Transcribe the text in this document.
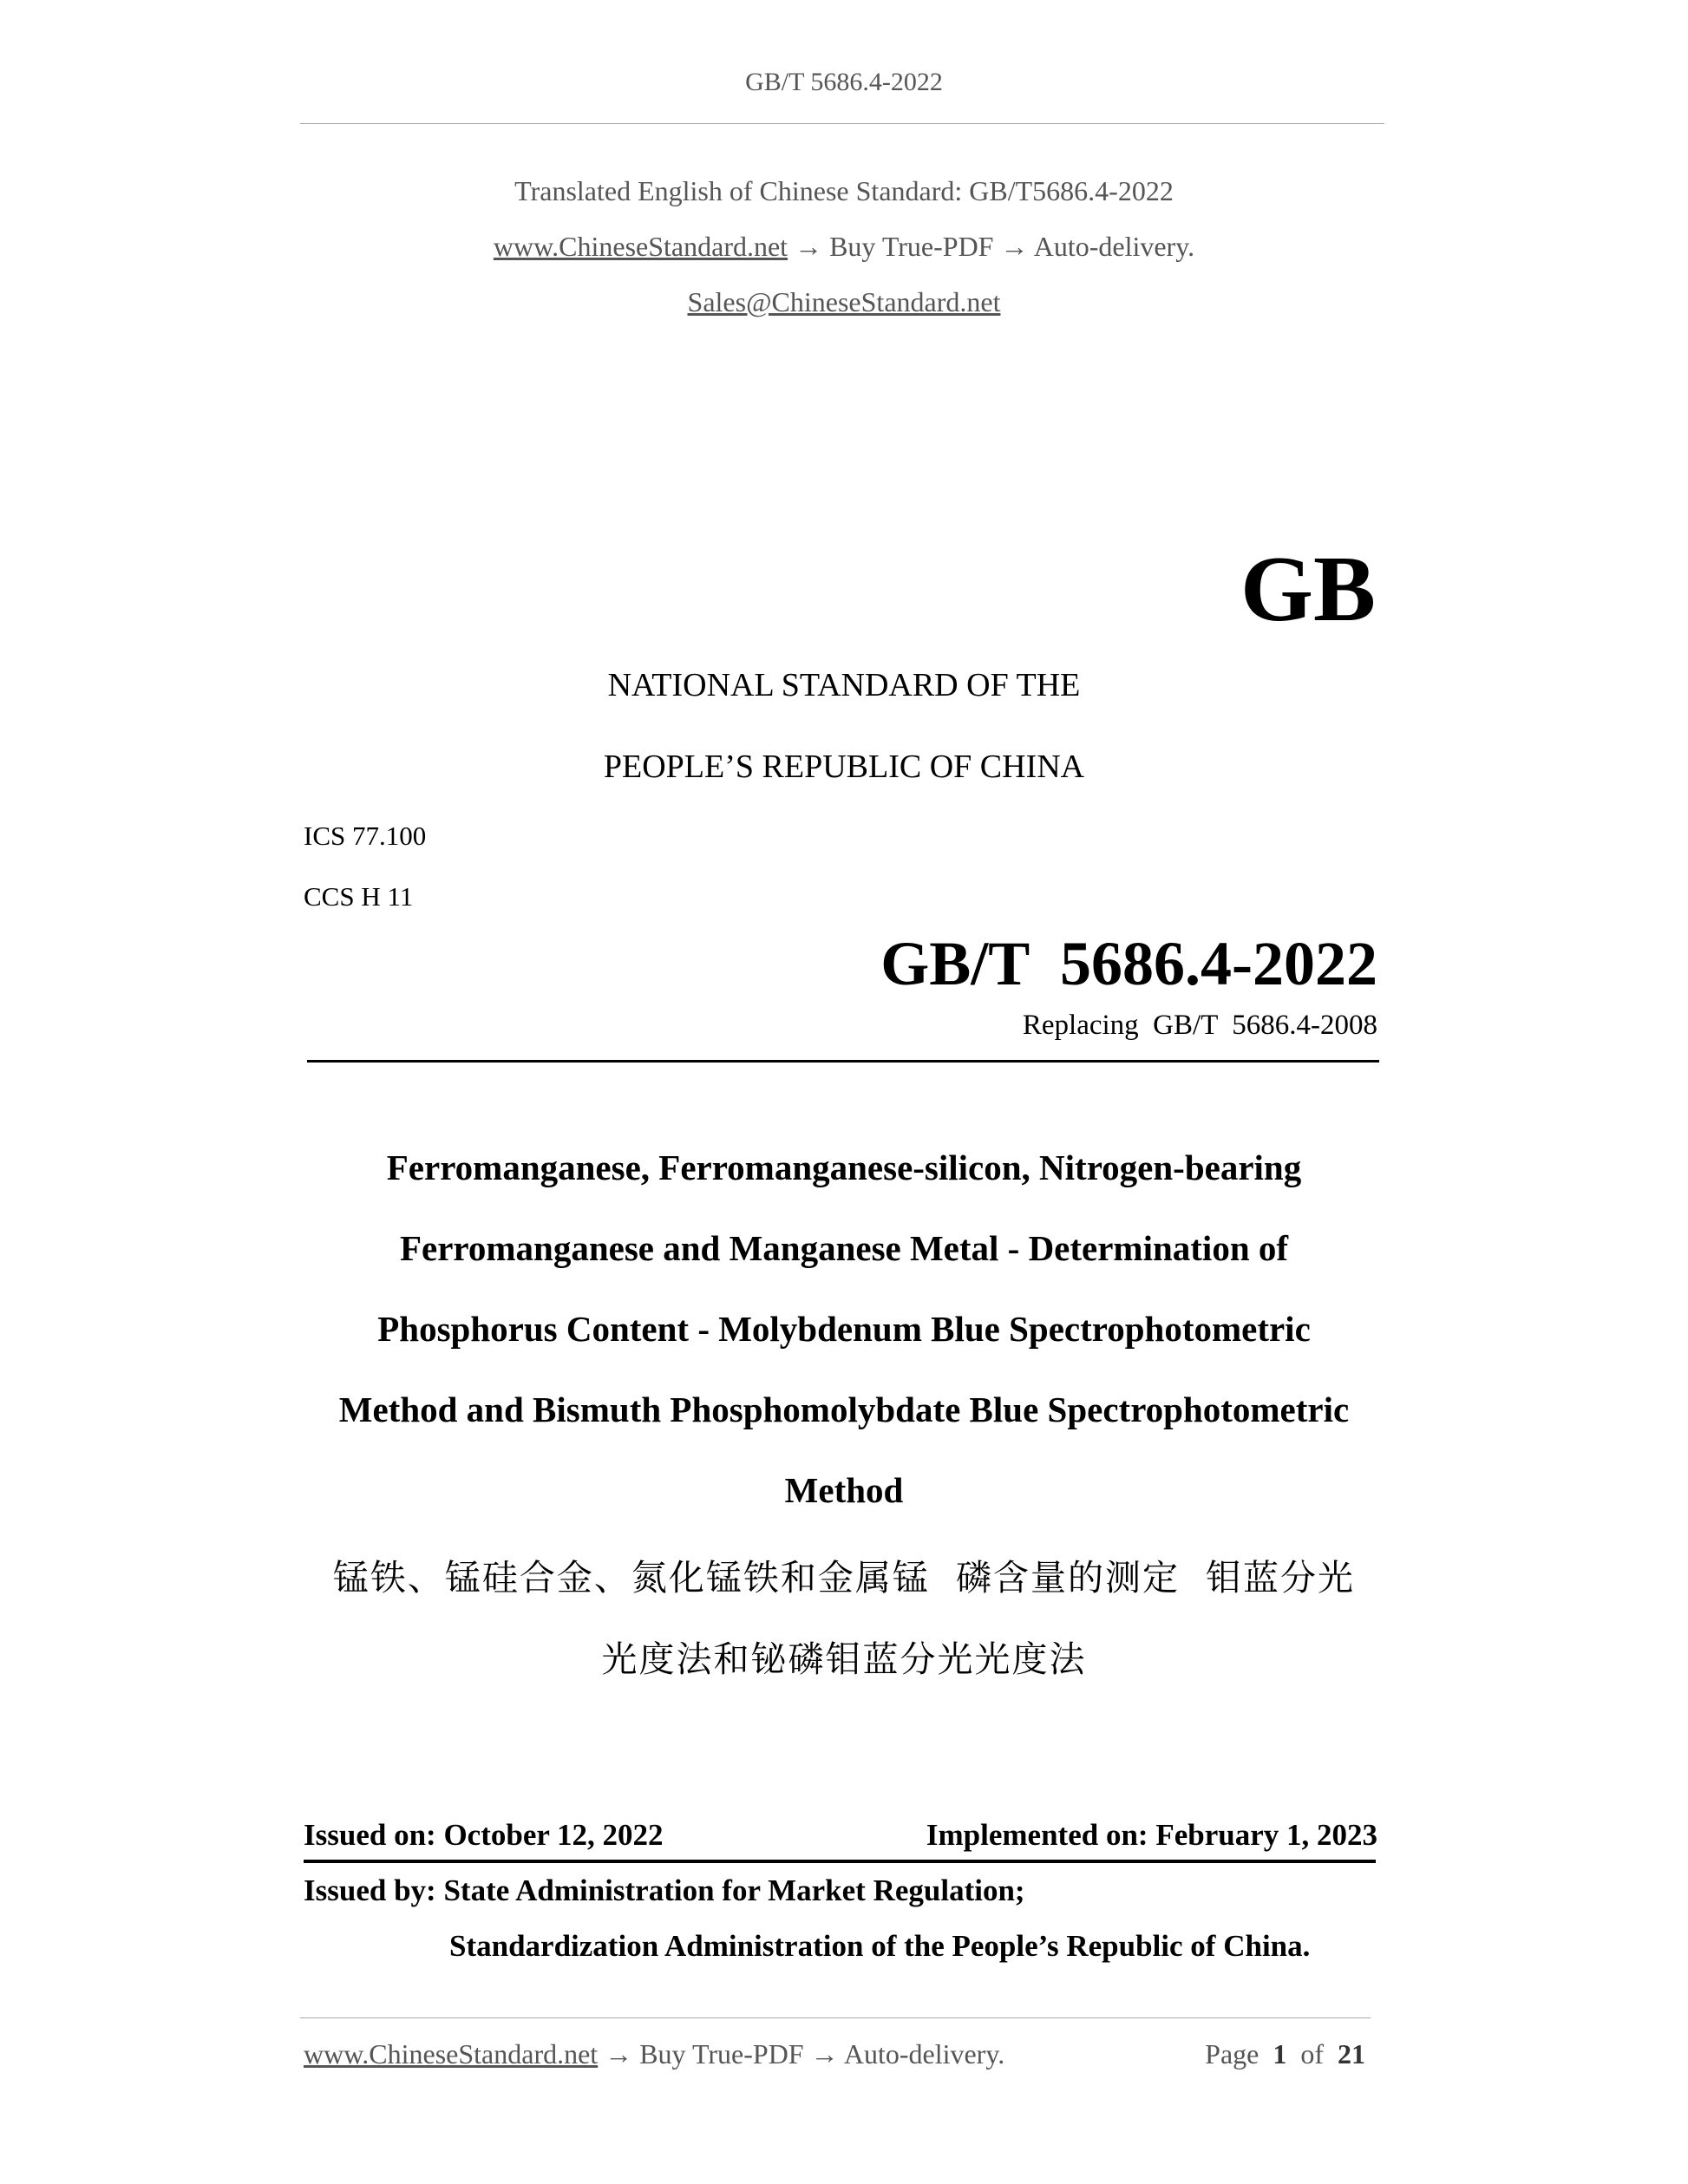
GB/T 5686.4-2022
Translated English of Chinese Standard: GB/T5686.4-2022
www.ChineseStandard.net → Buy True-PDF → Auto-delivery.
Sales@ChineseStandard.net
GB
NATIONAL STANDARD OF THE
PEOPLE’S REPUBLIC OF CHINA
ICS 77.100
CCS H 11
GB/T  5686.4-2022
Replacing  GB/T  5686.4-2008
Ferromanganese, Ferromanganese-silicon, Nitrogen-bearing
Ferromanganese and Manganese Metal - Determination of
Phosphorus Content - Molybdenum Blue Spectrophotometric
Method and Bismuth Phosphomolybdate Blue Spectrophotometric
Method
锰铁、锰硅合金、氮化锰铁和金属锰  磷含量的测定  钼蓝分光
光度法和铋磷钼蓝分光光度法
Issued on: October 12, 2022	Implemented on: February 1, 2023
Issued by: State Administration for Market Regulation;
Standardization Administration of the People’s Republic of China.
www.ChineseStandard.net → Buy True-PDF → Auto-delivery.	Page 1 of 21
